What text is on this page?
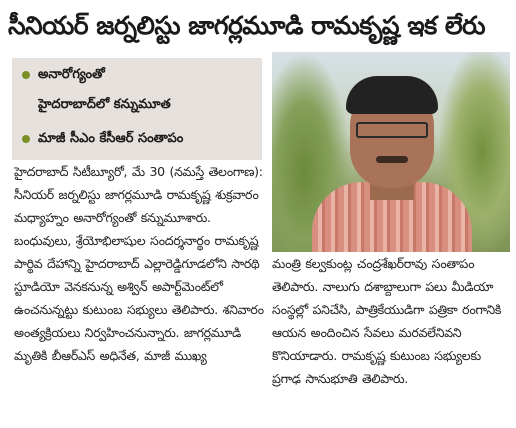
సీనియర్ జర్నలిస్టు జాగర్లమూడి రామకృష్ణ ఇక లేరు
అనారోగ్యంతో
హైదరాబాద్‌లో కన్నుమూత
మాజీ సీఎం కేసీఆర్ సంతాపం
హైదరాబాద్ సిటీబ్యూరో, మే 30 (నమస్తే తెలంగాణ): సీనియర్ జర్నలిస్టు జాగర్లమూడి రామకృష్ణ శుక్రవారం మధ్యాహ్నం అనారోగ్యంతో కన్నుమూశారు. బంధువులు, శ్రేయోభిలాషుల సందర్శనార్థం రామకృష్ణ పార్థివ దేహాన్ని హైదరాబాద్ ఎల్లారెడ్డిగూడలోని సారథి స్టూడియో వెనకనున్న అశ్విన్ అపార్ట్‌మెంట్‌లో ఉంచనున్నట్టు కుటుంబ సభ్యులు తెలిపారు. శనివారం అంత్యక్రియలు నిర్వహించనున్నారు. జాగర్లమూడి మృతికి బీఆర్ఎస్ అధినేత, మాజీ ముఖ్య
మంత్రి కల్వకుంట్ల చంద్రశేఖర్‌రావు సంతాపం తెలిపారు. నాలుగు దశాబ్దాలుగా పలు మీడియా సంస్థల్లో పనిచేసి, పాత్రికేయుడిగా పత్రికా రంగానికి ఆయన అందించిన సేవలు మరవలేనివని కొనియాడారు. రామకృష్ణ కుటుంబ సభ్యులకు ప్రగాఢ సానుభూతి తెలిపారు.
